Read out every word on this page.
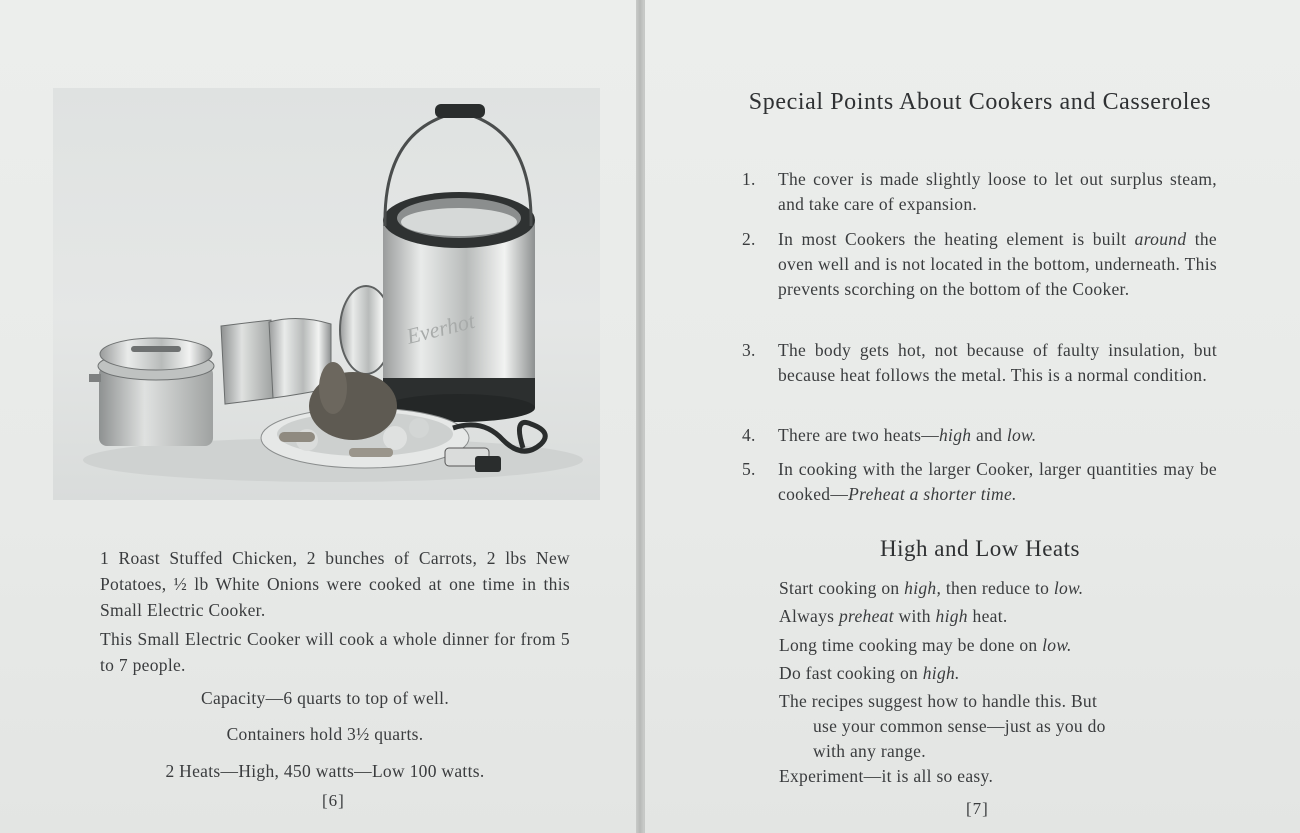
Everhot
1 Roast Stuffed Chicken, 2 bunches of Carrots, 2 lbs New Potatoes, ½ lb White Onions were cooked at one time in this Small Electric Cooker.
This Small Electric Cooker will cook a whole dinner for from 5 to 7 people.
Capacity—6 quarts to top of well.
Containers hold 3½ quarts.
2 Heats—High, 450 watts—Low 100 watts.
[6]
Special Points About Cookers and Casseroles
1.	The cover is made slightly loose to let out surplus steam, and take care of expansion.
2.	In most Cookers the heating element is built around the oven well and is not located in the bottom, underneath. This prevents scorching on the bottom of the Cooker.
3.	The body gets hot, not because of faulty insulation, but because heat follows the metal. This is a normal condition.
4.	There are two heats—high and low.
5.	In cooking with the larger Cooker, larger quantities may be cooked—Preheat a shorter time.
High and Low Heats
Start cooking on high, then reduce to low.
Always preheat with high heat.
Long time cooking may be done on low.
Do fast cooking on high.
The recipes suggest how to handle this. But
use your common sense—just as you do
with any range.
Experiment—it is all so easy.
[7]
